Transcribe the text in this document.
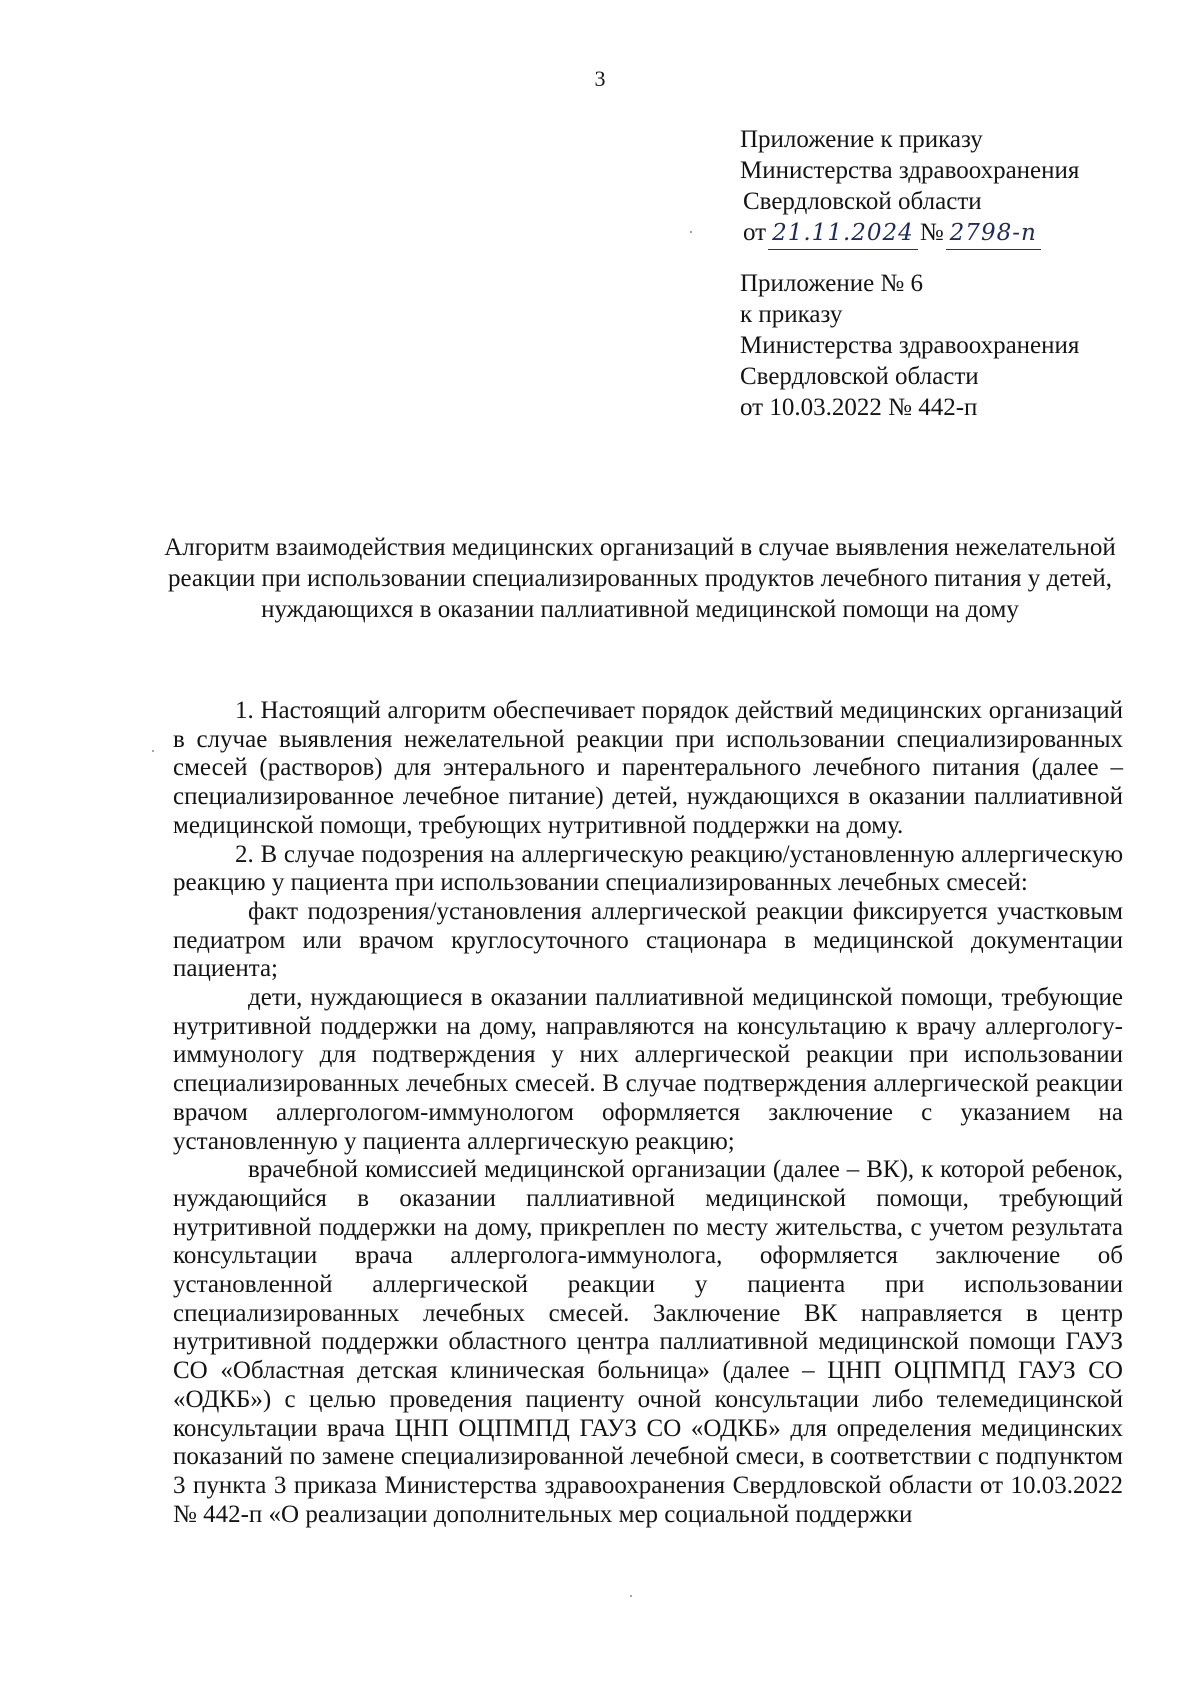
3
Приложение к приказу
Министерства здравоохранения
Свердловской области
от 21.11.2024 № 2798-п
Приложение № 6
к приказу
Министерства здравоохранения
Свердловской области
от 10.03.2022 № 442-п
Алгоритм взаимодействия медицинских организаций в случае выявления нежелательной реакции при использовании специализированных продуктов лечебного питания у детей, нуждающихся в оказании паллиативной медицинской помощи на дому

1. Настоящий алгоритм обеспечивает порядок действий медицинских организаций в случае выявления нежелательной реакции при использовании специализированных смесей (растворов) для энтерального и парентерального лечебного питания (далее – специализированное лечебное питание) детей, нуждающихся в оказании паллиативной медицинской помощи, требующих нутритивной поддержки на дому.

2. В случае подозрения на аллергическую реакцию/установленную аллергическую реакцию у пациента при использовании специализированных лечебных смесей:

факт подозрения/установления аллергической реакции фиксируется участковым педиатром или врачом круглосуточного стационара в медицинской документации пациента;

дети, нуждающиеся в оказании паллиативной медицинской помощи, требующие нутритивной поддержки на дому, направляются на консультацию к врачу аллергологу-иммунологу для подтверждения у них аллергической реакции при использовании специализированных лечебных смесей. В случае подтверждения аллергической реакции врачом аллергологом-иммунологом оформляется заключение с указанием на установленную у пациента аллергическую реакцию;

врачебной комиссией медицинской организации (далее – ВК), к которой ребенок, нуждающийся в оказании паллиативной медицинской помощи, требующий нутритивной поддержки на дому, прикреплен по месту жительства, с учетом результата консультации врача аллерголога-иммунолога, оформляется заключение об установленной аллергической реакции у пациента при использовании специализированных лечебных смесей. Заключение ВК направляется в центр нутритивной поддержки областного центра паллиативной медицинской помощи ГАУЗ СО «Областная детская клиническая больница» (далее – ЦНП ОЦПМПД ГАУЗ СО «ОДКБ») с целью проведения пациенту очной консультации либо телемедицинской консультации врача ЦНП ОЦПМПД ГАУЗ СО «ОДКБ» для определения медицинских показаний по замене специализированной лечебной смеси, в соответствии с подпунктом 3 пункта 3 приказа Министерства здравоохранения Свердловской области от 10.03.2022 № 442-п «О реализации дополнительных мер социальной поддержки
